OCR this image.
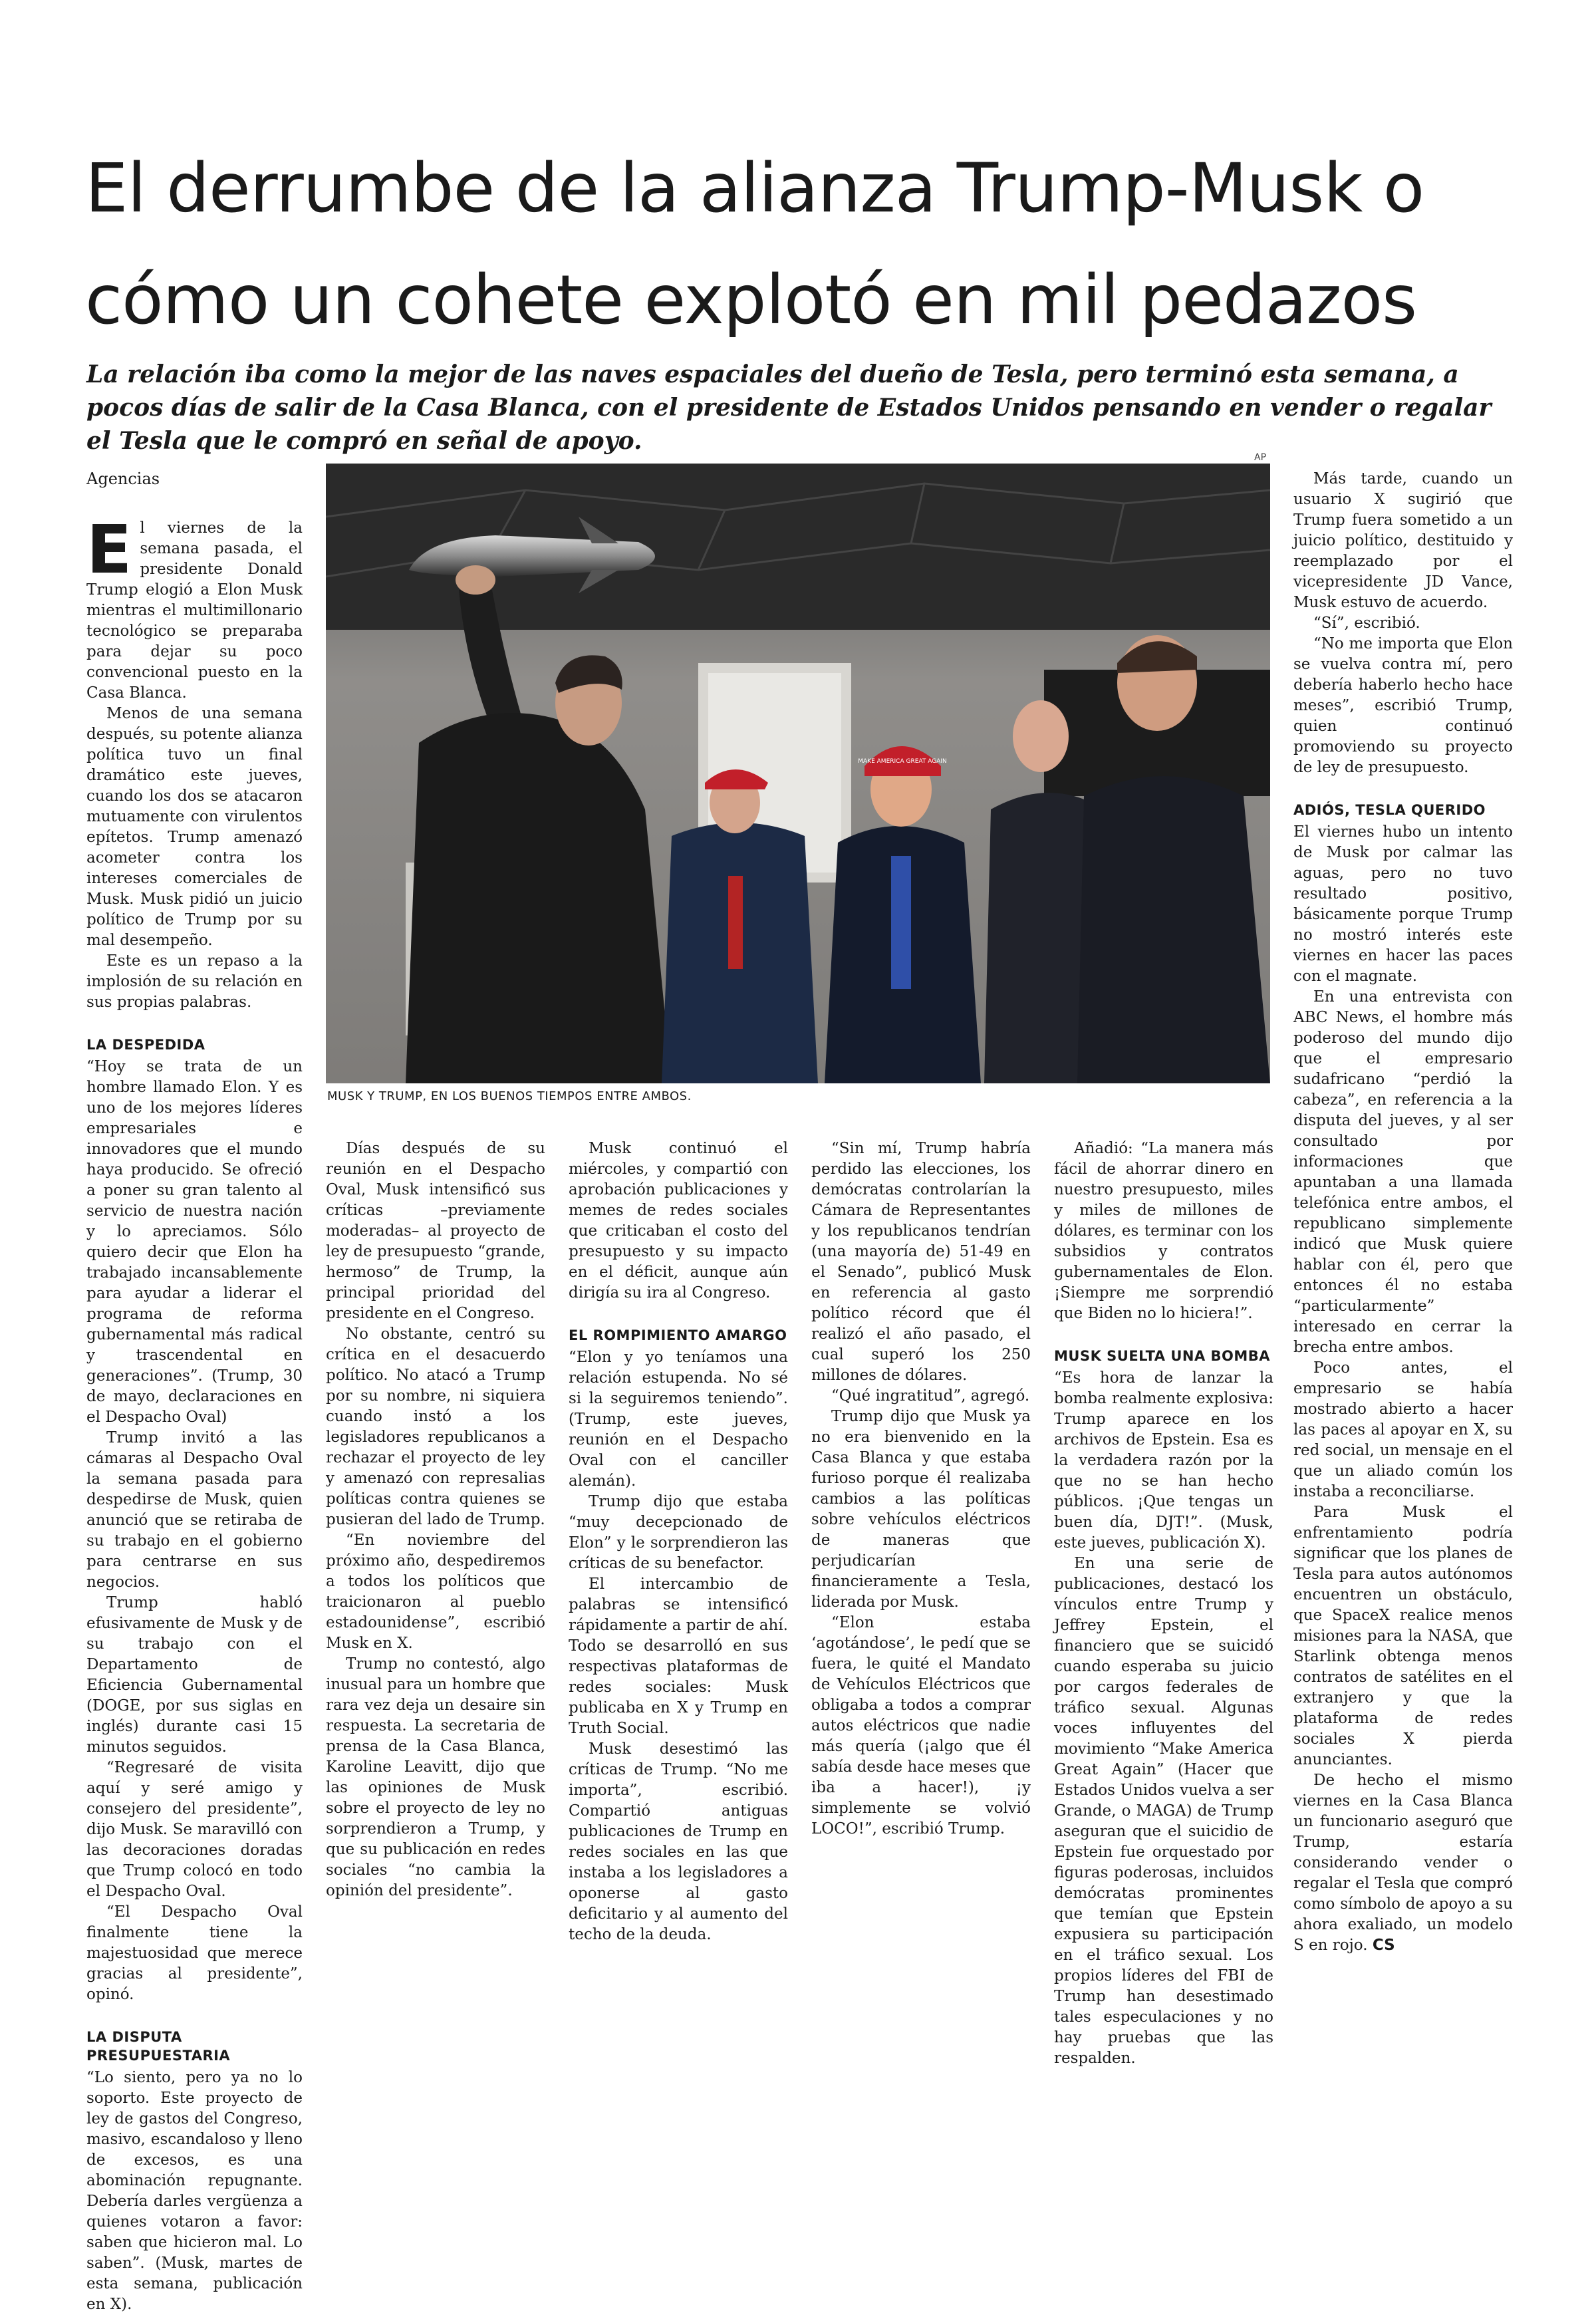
El derrumbe de la alianza Trump-Musk o cómo un cohete explotó en mil pedazos

La relación iba como la mejor de las naves espaciales del dueño de Tesla, pero terminó esta semana, a pocos días de salir de la Casa Blanca, con el presidente de Estados Unidos pensando en vender o regalar el Tesla que le compró en señal de apoyo.

Agencias

El viernes de la semana pasada, el presidente Donald Trump elogió a Elon Musk mientras el multimillonario tecnológico se preparaba para dejar su poco convencional puesto en la Casa Blanca.

Menos de una semana después, su potente alianza política tuvo un final dramático este jueves, cuando los dos se atacaron mutuamente con virulentos epítetos. Trump amenazó acometer contra los intereses comerciales de Musk. Musk pidió un juicio político de Trump por su mal desempeño.

Este es un repaso a la implosión de su relación en sus propias palabras.

LA DESPEDIDA

“Hoy se trata de un hombre llamado Elon. Y es uno de los mejores líderes empresariales e innovadores que el mundo haya producido. Se ofreció a poner su gran talento al servicio de nuestra nación y lo apreciamos. Sólo quiero decir que Elon ha trabajado incansablemente para ayudar a liderar el programa de reforma gubernamental más radical y trascendental en generaciones”. (Trump, 30 de mayo, declaraciones en el Despacho Oval)

Trump invitó a las cámaras al Despacho Oval la semana pasada para despedirse de Musk, quien anunció que se retiraba de su trabajo en el gobierno para centrarse en sus negocios.

Trump habló efusivamente de Musk y de su trabajo con el Departamento de Eficiencia Gubernamental (DOGE, por sus siglas en inglés) durante casi 15 minutos seguidos.

“Regresaré de visita aquí y seré amigo y consejero del presidente”, dijo Musk. Se maravilló con las decoraciones doradas que Trump colocó en todo el Despacho Oval.

“El Despacho Oval finalmente tiene la majestuosidad que merece gracias al presidente”, opinó.

LA DISPUTA PRESUPUESTARIA

“Lo siento, pero ya no lo soporto. Este proyecto de ley de gastos del Congreso, masivo, escandaloso y lleno de excesos, es una abominación repugnante. Debería darles vergüenza a quienes votaron a favor: saben que hicieron mal. Lo saben”. (Musk, martes de esta semana, publicación en X).

MAKE AMERICA GREAT AGAIN
AP
MUSK Y TRUMP, EN LOS BUENOS TIEMPOS ENTRE AMBOS.

Días después de su reunión en el Despacho Oval, Musk intensificó sus críticas –previamente moderadas– al proyecto de ley de presupuesto “grande, hermoso” de Trump, la principal prioridad del presidente en el Congreso.

No obstante, centró su crítica en el desacuerdo político. No atacó a Trump por su nombre, ni siquiera cuando instó a los legisladores republicanos a rechazar el proyecto de ley y amenazó con represalias políticas contra quienes se pusieran del lado de Trump.

“En noviembre del próximo año, despediremos a todos los políticos que traicionaron al pueblo estadounidense”, escribió Musk en X.

Trump no contestó, algo inusual para un hombre que rara vez deja un desaire sin respuesta. La secretaria de prensa de la Casa Blanca, Karoline Leavitt, dijo que las opiniones de Musk sobre el proyecto de ley no sorprendieron a Trump, y que su publicación en redes sociales “no cambia la opinión del presidente”.

Musk continuó el miércoles, y compartió con aprobación publicaciones y memes de redes sociales que criticaban el costo del presupuesto y su impacto en el déficit, aunque aún dirigía su ira al Congreso.

EL ROMPIMIENTO AMARGO

“Elon y yo teníamos una relación estupenda. No sé si la seguiremos teniendo”. (Trump, este jueves, reunión en el Despacho Oval con el canciller alemán).

Trump dijo que estaba “muy decepcionado de Elon” y le sorprendieron las críticas de su benefactor.

El intercambio de palabras se intensificó rápidamente a partir de ahí. Todo se desarrolló en sus respectivas plataformas de redes sociales: Musk publicaba en X y Trump en Truth Social.

Musk desestimó las críticas de Trump. “No me importa”, escribió. Compartió antiguas publicaciones de Trump en redes sociales en las que instaba a los legisladores a oponerse al gasto deficitario y al aumento del techo de la deuda.

“Sin mí, Trump habría perdido las elecciones, los demócratas controlarían la Cámara de Representantes y los republicanos tendrían (una mayoría de) 51-49 en el Senado”, publicó Musk en referencia al gasto político récord que él realizó el año pasado, el cual superó los 250 millones de dólares.

“Qué ingratitud”, agregó.

Trump dijo que Musk ya no era bienvenido en la Casa Blanca y que estaba furioso porque él realizaba cambios a las políticas sobre vehículos eléctricos de maneras que perjudicarían financieramente a Tesla, liderada por Musk.

“Elon estaba ‘agotándose’, le pedí que se fuera, le quité el Mandato de Vehículos Eléctricos que obligaba a todos a comprar autos eléctricos que nadie más quería (¡algo que él sabía desde hace meses que iba a hacer!), ¡y simplemente se volvió LOCO!”, escribió Trump.

Añadió: “La manera más fácil de ahorrar dinero en nuestro presupuesto, miles y miles de millones de dólares, es terminar con los subsidios y contratos gubernamentales de Elon. ¡Siempre me sorprendió que Biden no lo hiciera!”.

MUSK SUELTA UNA BOMBA

“Es hora de lanzar la bomba realmente explosiva: Trump aparece en los archivos de Epstein. Esa es la verdadera razón por la que no se han hecho públicos. ¡Que tengas un buen día, DJT!”. (Musk, este jueves, publicación X).

En una serie de publicaciones, destacó los vínculos entre Trump y Jeffrey Epstein, el financiero que se suicidó cuando esperaba su juicio por cargos federales de tráfico sexual. Algunas voces influyentes del movimiento “Make America Great Again” (Hacer que Estados Unidos vuelva a ser Grande, o MAGA) de Trump aseguran que el suicidio de Epstein fue orquestado por figuras poderosas, incluidos demócratas prominentes que temían que Epstein expusiera su participación en el tráfico sexual. Los propios líderes del FBI de Trump han desestimado tales especulaciones y no hay pruebas que las respalden.

Más tarde, cuando un usuario X sugirió que Trump fuera sometido a un juicio político, destituido y reemplazado por el vicepresidente JD Vance, Musk estuvo de acuerdo.

“Sí”, escribió.

“No me importa que Elon se vuelva contra mí, pero debería haberlo hecho hace meses”, escribió Trump, quien continuó promoviendo su proyecto de ley de presupuesto.

ADIÓS, TESLA QUERIDO

El viernes hubo un intento de Musk por calmar las aguas, pero no tuvo resultado positivo, básicamente porque Trump no mostró interés este viernes en hacer las paces con el magnate.

En una entrevista con ABC News, el hombre más poderoso del mundo dijo que el empresario sudafricano “perdió la cabeza”, en referencia a la disputa del jueves, y al ser consultado por informaciones que apuntaban a una llamada telefónica entre ambos, el republicano simplemente indicó que Musk quiere hablar con él, pero que entonces él no estaba “particularmente” interesado en cerrar la brecha entre ambos.

Poco antes, el empresario se había mostrado abierto a hacer las paces al apoyar en X, su red social, un mensaje en el que un aliado común los instaba a reconciliarse.

Para Musk el enfrentamiento podría significar que los planes de Tesla para autos autónomos encuentren un obstáculo, que SpaceX realice menos misiones para la NASA, que Starlink obtenga menos contratos de satélites en el extranjero y que la plataforma de redes sociales X pierda anunciantes.

De hecho el mismo viernes en la Casa Blanca un funcionario aseguró que Trump, estaría considerando vender o regalar el Tesla que compró como símbolo de apoyo a su ahora exaliado, un modelo S en rojo. CS
